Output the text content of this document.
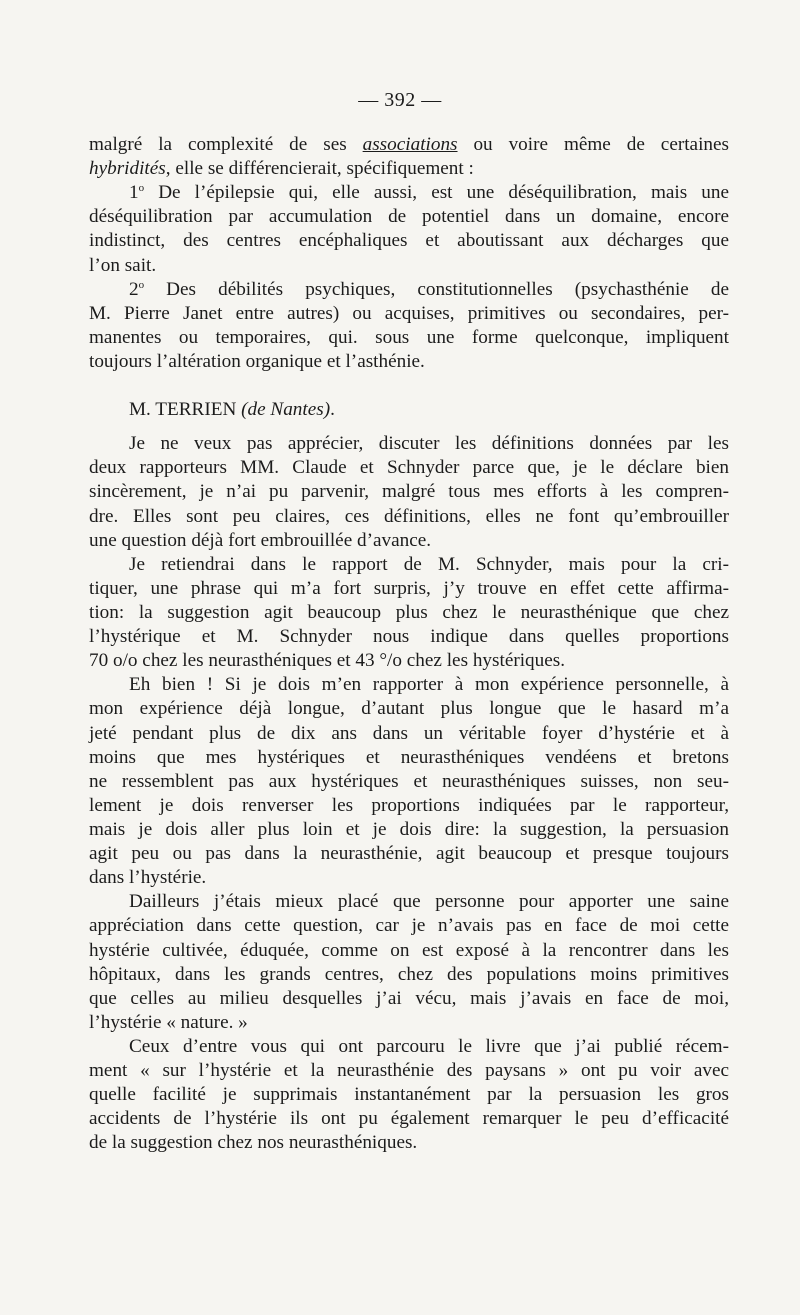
— 392 —
malgré la complexité de ses associations ou voire même de certaines
hybridités, elle se différencierait, spécifiquement :
1$^o$ De l’épilepsie qui, elle aussi, est une déséquilibration, mais une
déséquilibration par accumulation de potentiel dans un domaine, encore
indistinct, des centres encéphaliques et aboutissant aux décharges que
l’on sait.
2$^o$ Des débilités psychiques, constitutionnelles (psychasthénie de
M. Pierre Janet entre autres) ou acquises, primitives ou secondaires, per-
manentes ou temporaires, qui. sous une forme quelconque, impliquent
toujours l’altération organique et l’asthénie.
M. TERRIEN (de Nantes).
Je ne veux pas apprécier, discuter les définitions données par les
deux rapporteurs MM. Claude et Schnyder parce que, je le déclare bien
sincèrement, je n’ai pu parvenir, malgré tous mes efforts à les compren-
dre. Elles sont peu claires, ces définitions, elles ne font qu’embrouiller
une question déjà fort embrouillée d’avance.
Je retiendrai dans le rapport de M. Schnyder, mais pour la cri-
tiquer, une phrase qui m’a fort surpris, j’y trouve en effet cette affirma-
tion: la suggestion agit beaucoup plus chez le neurasthénique que chez
l’hystérique et M. Schnyder nous indique dans quelles proportions
70 o/o chez les neurasthéniques et 43 °/o chez les hystériques.
Eh bien ! Si je dois m’en rapporter à mon expérience personnelle, à
mon expérience déjà longue, d’autant plus longue que le hasard m’a
jeté pendant plus de dix ans dans un véritable foyer d’hystérie et à
moins que mes hystériques et neurasthéniques vendéens et bretons
ne ressemblent pas aux hystériques et neurasthéniques suisses, non seu-
lement je dois renverser les proportions indiquées par le rapporteur,
mais je dois aller plus loin et je dois dire: la suggestion, la persuasion
agit peu ou pas dans la neurasthénie, agit beaucoup et presque toujours
dans l’hystérie.
Dailleurs j’étais mieux placé que personne pour apporter une saine
appréciation dans cette question, car je n’avais pas en face de moi cette
hystérie cultivée, éduquée, comme on est exposé à la rencontrer dans les
hôpitaux, dans les grands centres, chez des populations moins primitives
que celles au milieu desquelles j’ai vécu, mais j’avais en face de moi,
l’hystérie « nature. »
Ceux d’entre vous qui ont parcouru le livre que j’ai publié récem-
ment « sur l’hystérie et la neurasthénie des paysans » ont pu voir avec
quelle facilité je supprimais instantanément par la persuasion les gros
accidents de l’hystérie ils ont pu également remarquer le peu d’efficacité
de la suggestion chez nos neurasthéniques.
